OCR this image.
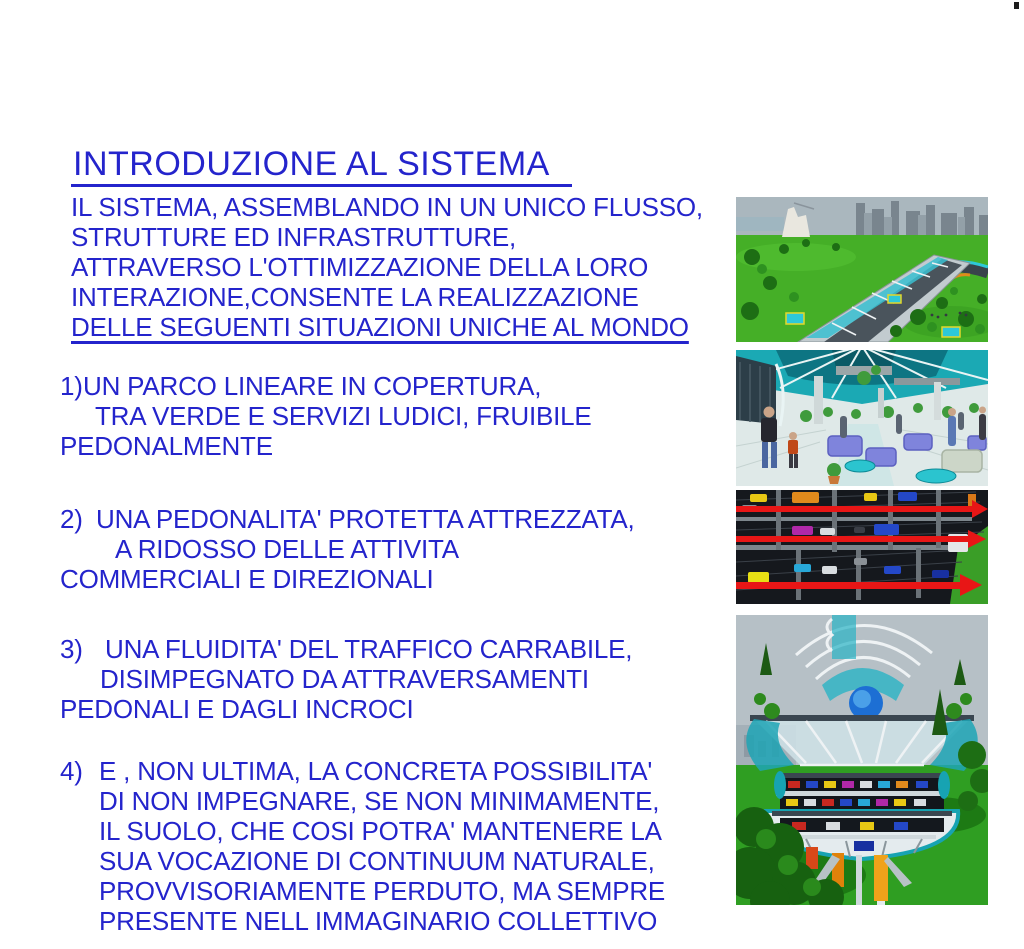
INTRODUZIONE AL SISTEMA
IL SISTEMA, ASSEMBLANDO IN UN UNICO FLUSSO,
STRUTTURE ED INFRASTRUTTURE,
ATTRAVERSO L'OTTIMIZZAZIONE DELLA LORO
INTERAZIONE,CONSENTE LA REALIZZAZIONE
DELLE SEGUENTI SITUAZIONI UNICHE AL MONDO
1) UN PARCO LINEARE IN COPERTURA,
TRA VERDE E SERVIZI LUDICI, FRUIBILE
PEDONALMENTE
2) UNA PEDONALITA' PROTETTA ATTREZZATA,
A RIDOSSO DELLE ATTIVITA
COMMERCIALI E DIREZIONALI
3) UNA FLUIDITA' DEL TRAFFICO CARRABILE,
DISIMPEGNATO DA ATTRAVERSAMENTI
PEDONALI E DAGLI INCROCI
4) E , NON ULTIMA, LA CONCRETA POSSIBILITA'
DI NON IMPEGNARE, SE NON MINIMAMENTE,
IL SUOLO, CHE COSI POTRA' MANTENERE LA
SUA VOCAZIONE DI CONTINUUM NATURALE,
PROVVISORIAMENTE PERDUTO, MA SEMPRE
PRESENTE NELL IMMAGINARIO COLLETTIVO
